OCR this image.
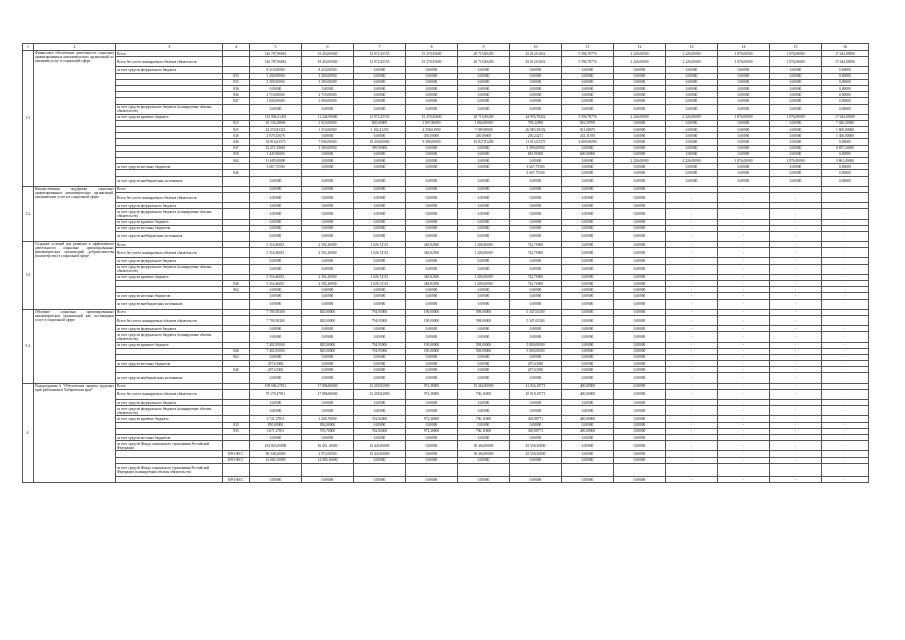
1	2	3	4	5	6	7	8	9	10	11	12	13	14	15	16
5.1	Финансовое обеспечение деятельности социально ориентированных некоммерческих организаций по оказанию услуг в социальной сфере	Всего		146 787,96861	19 454,00000	12 972,45155	15 279,45600	20 715,80200	45 012,61632	5 596,78776	2 226,00000	2 226,00000	1 876,00000	1 876,00000	17 644,85000
		Всего без учета планируемых объемов обязательств		146 787,96861	19 454,00000	12 972,45155	15 279,45600	20 715,80200	45 012,61632	5 596,78776	2 226,00000	2 226,00000	1 876,00000	1 876,00000	17 644,85000
		за счет средств федерального бюджета		8 210,00000	8 210,00000	0,00000	0,00000	0,00000	0,00000	0,00000	0,00000	0,00000	0,00000	0,00000	0,00000
			833	1 200,00000	1 200,00000	0,00000	0,00000	0,00000	0,00000	0,00000	0,00000	0,00000	0,00000	0,00000	0,00000
			835	3 300,00000	3 300,00000	0,00000	0,00000	0,00000	0,00000	0,00000	0,00000	0,00000	0,00000	0,00000	0,00000
			836	0,00000	0,00000	0,00000	0,00000	0,00000	0,00000	0,00000	0,00000	0,00000	0,00000	0,00000	0,00000
			846	2 710,00000	2 710,00000	0,00000	0,00000	0,00000	0,00000	0,00000	0,00000	0,00000	0,00000	0,00000	0,00000
			847	1 000,00000	1 000,00000	0,00000	0,00000	0,00000	0,00000	0,00000	0,00000	0,00000	0,00000	0,00000	0,00000
		за счет средств федерального бюджета (планируемые объемы обязательств)		0,00000	0,00000	0,00000	0,00000	0,00000	0,00000	0,00000	0,00000	0,00000	0,00000	0,00000	0,00000
		за счет средств краевого бюджета		133 906,21491	11 244,00000	12 972,45155	15 279,45600	20 715,80200	44 993,78432	5 596,78776	2 226,00000	2 226,00000	1 876,00000	1 876,00000	17 644,85000
			823	10 136,28696	1 010,00000	820,00000	1 867,86000	1 866,00000	799,22990	816,58700	0,00000	0,00000	0,00000	0,00000	7 026,45900
			825	42 255,83322	1 310,00000	1 102,41255	2 558,61900	7 589,99000	26 983,39192	921,68675	0,00000	0,00000	0,00000	0,00000	1 600,00000
			836	2 979,35678	0,00000	0,00000	350,00000	450,00000	250,24271	453,11395	0,00000	0,00000	0,00000	0,00000	1 306,00000
			846	52 816,03575	7 840,00000	10 250,00000	9 398,00000	10 827,81200	11 613,02375	2 600,00000	0,00000	0,00000	0,00000	0,00000	0,00000
			847	12 257,29681	1 300,00000	399,90000	0,00000	0,00000	1 490,00000	0,00000	0,00000	0,00000	0,00000	0,00000	8 857,20000
			859	1 445,90000	0,00000	0,00000	0,00000	0,00000	845,90000	600,00000	0,00000	0,00000	0,00000	0,00000	0,00000
			862	11 685,00000	0,00000	0,00000	0,00000	0,00000	0,00000	0,00000	2 226,00000	2 226,00000	1 876,00000	1 876,00000	3 861,00000
		за счет средств местных бюджетов		3 667,75500	0,00000	0,00000	0,00000	0,00000	3 667,75500	0,00000	0,00000	0,00000	0,00000	0,00000	0,00000
			846						3 667,75500	0,00000	0,00000	0,00000	0,00000	0,00000	0,00000
		за счет средств внебюджетных источников		0,00000	0,00000	0,00000	0,00000	0,00000	0,00000	0,00000	0,00000	0,00000	0,00000	0,00000	0,00000
5.2	Имущественная поддержка социально ориентированных некоммерческих организаций, оказывающих услуги в социальной сфере	Всего		0,00000	0,00000	0,00000	0,00000	0,00000	0,00000	0,00000	0,00000	-	-	-	-
		Всего без учета планируемых объемов обязательств		0,00000	0,00000	0,00000	0,00000	0,00000	0,00000	0,00000	0,00000	-	-	-	-
		за счет средств федерального бюджета		0,00000	0,00000	0,00000	0,00000	0,00000	0,00000	0,00000	0,00000	-	-	-	-
		за счет средств федерального бюджета (планируемые объемы обязательств)		0,00000	0,00000	0,00000	0,00000	0,00000	0,00000	0,00000	0,00000	-	-	-	-
		за счет средств краевого бюджета		0,00000	0,00000	0,00000	0,00000	0,00000	0,00000	0,00000	0,00000	-	-	-	-
		за счет средств местных бюджетов		0,00000	0,00000	0,00000	0,00000	0,00000	0,00000	0,00000	0,00000	-	-	-	-
		за счет средств внебюджетных источников		0,00000	0,00000	0,00000	0,00000	0,00000	0,00000	0,00000	0,00000	-	-	-	-
5.3	Создание условий для развития и эффективного деятельности социально ориентированных некоммерческих организаций, добровольчества (волонтерства) в социальной сфере	Всего		5 316,46851	2 392,20000	1 026,74151	348,82500	1 206,00000	742,70000	0,00000	0,00000	-	-	-	-
		Всего без учета планируемых объемов обязательств		5 316,46851	2 392,20000	1 026,74151	348,82500	1 206,00000	742,70000	0,00000	0,00000	-	-	-	-
		за счет средств федерального бюджета		0,00000	0,00000	0,00000	0,00000	0,00000	0,00000	0,00000	0,00000	-	-	-	-
		за счет средств федерального бюджета (планируемые объемы обязательств)		0,00000	0,00000	0,00000	0,00000	0,00000	0,00000	0,00000	0,00000	-	-	-	-
		за счет средств краевого бюджета		5 316,46851	2 392,20000	1 026,74151	348,82500	1 206,00000	742,70000	0,00000	0,00000	-	-	-	-
			846	5 316,46851	2 392,20000	1 026,74151	348,82500	1 206,00000	742,70000	0,00000	0,00000	-	-	-	-
			862	0,00000	0,00000	0,00000	0,00000	0,00000	0,00000	0,00000	0,00000	-	-	-	-
		за счет средств местных бюджетов		0,00000	0,00000	0,00000	0,00000	0,00000	0,00000	0,00000	0,00000	-	-	-	-
		за счет средств внебюджетных источников		0,00000	0,00000	0,00000	0,00000	0,00000	0,00000	0,00000	0,00000	-	-	-	-
5.4.	Обучение социально ориентированных некоммерческих организаций как поставщиков услуг в социальной сфере	Всего		7 700,58300	820,00000	794,95000	190,00000	598,00000	5 347,63300	0,00000	0,00000	-	-	-	-
		Всего без учета планируемых объемов обязательств		7 700,58300	820,00000	794,95000	190,00000	598,00000	5 347,63300	0,00000	0,00000	-	-	-	-
		за счет средств федерального бюджета		0,00000	0,00000	0,00000	0,00000	0,00000	0,00000	0,00000	0,00000	-	-	-	-
		за счет средств федерального бюджета (планируемые объемы обязательств)		0,00000	0,00000	0,00000	0,00000	0,00000	0,00000	0,00000	0,00000	-	-	-	-
		за счет средств краевого бюджета		7 402,95000	820,00000	794,95000	190,00000	598,00000	5 000,00000	0,00000	0,00000	-	-	-	-
			846	7 402,95000	820,00000	794,95000	190,00000	598,00000	5 000,00000	0,00000	0,00000	-	-	-	-
			862	0,00000	0,00000	0,00000	0,00000	0,00000	0,00000	0,00000	0,00000	-	-	-	-
		за счет средств местных бюджетов		297,63300	0,00000	0,00000	0,00000	0,00000	297,63300	0,00000	0,00000	-	-	-	-
			846	297,63300	0,00000	0,00000	0,00000	0,00000	297,63300	0,00000	0,00000	-	-	-	-
		за счет средств внебюджетных источников		0,00000	0,00000	0,00000	0,00000	0,00000	0,00000	0,00000	0,00000	-	-	-	-
6.	Подпрограмма 6 "Обеспечение защиты трудовых прав работников в Хабаровском крае"	Всего		109 606,27811	17 886,86000	13 205,82000	972,38000	35 262,80000	41 924,18771	400,00000	0,00000	-	-	-	-
		Всего без учета планируемых объемов обязательств		79 179,47811	17 886,86000	13 205,82000	972,38000	796,11800	45 918,18771	400,00000	0,00000	-	-	-	-
		за счет средств федерального бюджета		0,00000	0,00000	0,00000	0,00000	0,00000	0,00000	0,00000	0,00000	-	-	-	-
		за счет средств федерального бюджета (планируемые объемы обязательств)		0,00000	0,00000	0,00000	0,00000	0,00000	0,00000	0,00000	0,00000	-	-	-	-
		за счет средств краевого бюджета		4 721,27811	1 426,70000	762,82000	972,38000	796,11800	365,88771	400,00000	0,00000	-	-	-	-
			833	850,00000	850,00000	0,00000	0,00000	0,00000	0,00000	0,00000	0,00000	-	-	-	-
			835	3 871,27811	576,70000	762,82000	972,38000	796,11800	365,88771	400,00000	0,00000	-	-	-	-
		за счет средств местных бюджетов		0,00000	0,00000	0,00000	0,00000	0,00000	0,00000	0,00000	0,00000	-	-	-	-
		за счет средств Фонда социального страхования Российской Федерации		104 925,00000	16 451,16000	12 443,00000	0,00000	39 466,80000	45 558,30000	0,00000	0,00000	-	-	-	-
			ЕРО-ФСС	90 548,20000	2 972,00000	12 443,00000	0,00000	39 466,80000	45 558,30000	0,00000	0,00000	-	-	-	-
			ЕРО-ФСС	14 084,16000	14 084,16000	0,00000	0,00000	0,00000	0,00000	0,00000	0,00000	-	-	-	-
		за счет средств Фонда социального страхования Российской Федерации (планируемые объемы обязательств)													
			ЕРО-ФСС	0,00000	0,00000	0,00000	0,00000	0,00000	0,00000	0,00000	0,00000	-	-	-	-
